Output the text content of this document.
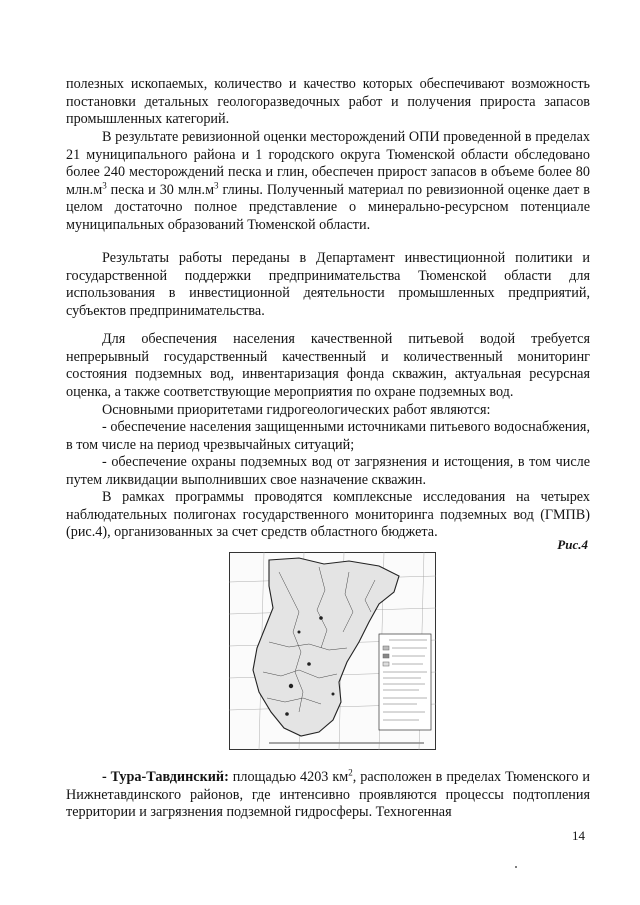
полезных ископаемых, количество и качество которых обеспечивают возможность постановки детальных геологоразведочных работ и получения прироста запасов промышленных категорий.

В результате ревизионной оценки месторождений ОПИ проведенной в пределах 21 муниципального района и 1 городского округа Тюменской области обследовано более 240 месторождений песка и глин, обеспечен прирост запасов в объеме более 80 $млн.м^3$ песка и 30 $млн.м^3$ глины. Полученный материал по ревизионной оценке дает в целом достаточно полное представление о минерально-ресурсном потенциале муниципальных образований Тюменской области.

Результаты работы переданы в Департамент инвестиционной политики и государственной поддержки предпринимательства Тюменской области для использования в инвестиционной деятельности промышленных предприятий, субъектов предпринимательства.

Для обеспечения населения качественной питьевой водой требуется непрерывный государственный качественный и количественный мониторинг состояния подземных вод, инвентаризация фонда скважин, актуальная ресурсная оценка, а также соответствующие мероприятия по охране подземных вод.

Основными приоритетами гидрогеологических работ являются:

- обеспечение населения защищенными источниками питьевого водоснабжения, в том числе на период чрезвычайных ситуаций;

- обеспечение охраны подземных вод от загрязнения и истощения, в том числе путем ликвидации выполнивших свое назначение скважин.

В рамках программы проводятся комплексные исследования на четырех наблюдательных полигонах государственного мониторинга подземных вод (ГМПВ) (рис.4), организованных за счет средств областного бюджета.

Рис.4

- Тура-Тавдинский: площадью 4203 $км^2$, расположен в пределах Тюменского и Нижнетавдинского районов, где интенсивно проявляются процессы подтопления территории и загрязнения подземной гидросферы. Техногенная

14
